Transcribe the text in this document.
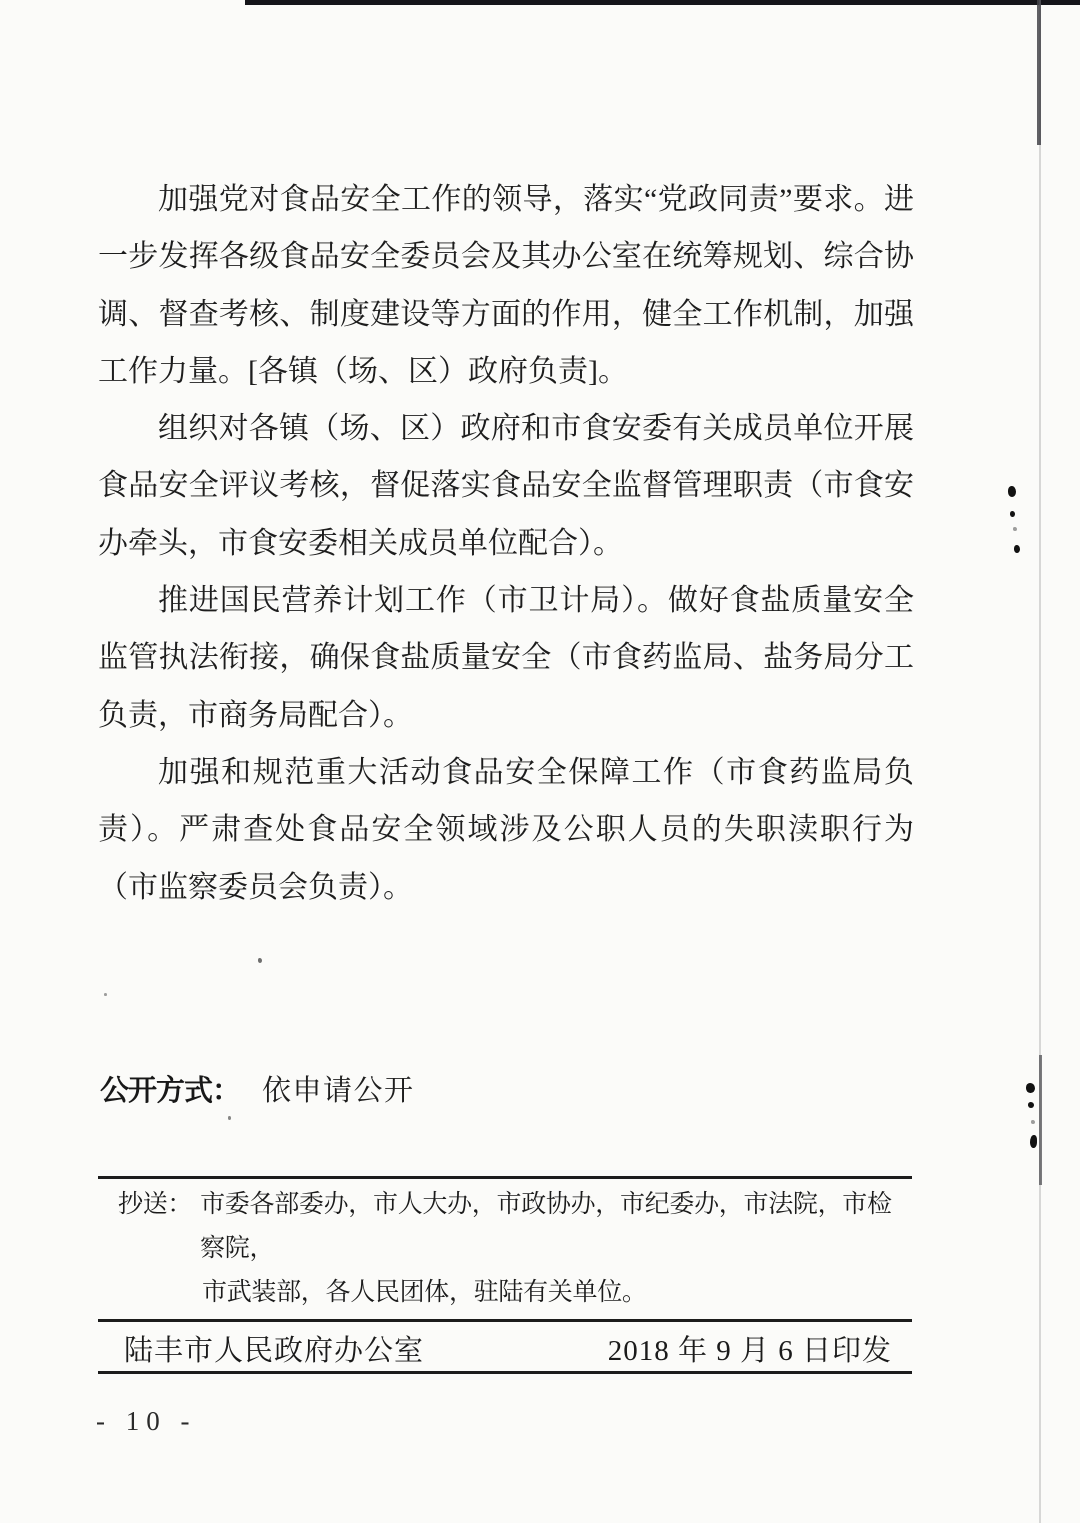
加强党对食品安全工作的领导，落实“党政同责”要求。进一步发挥各级食品安全委员会及其办公室在统筹规划、综合协调、督查考核、制度建设等方面的作用，健全工作机制，加强工作力量。[各镇（场、区）政府负责]。

组织对各镇（场、区）政府和市食安委有关成员单位开展食品安全评议考核，督促落实食品安全监督管理职责（市食安办牵头，市食安委相关成员单位配合）。

推进国民营养计划工作（市卫计局）。做好食盐质量安全监管执法衔接，确保食盐质量安全（市食药监局、盐务局分工负责，市商务局配合）。

加强和规范重大活动食品安全保障工作（市食药监局负责）。严肃查处食品安全领域涉及公职人员的失职渎职行为（市监察委员会负责）。

公开方式： 依申请公开
抄送： 市委各部委办，市人大办，市政协办，市纪委办，市法院，市检察院，
市武装部，各人民团体，驻陆有关单位。
陆丰市人民政府办公室	2018 年 9 月 6 日印发
- 10 -
